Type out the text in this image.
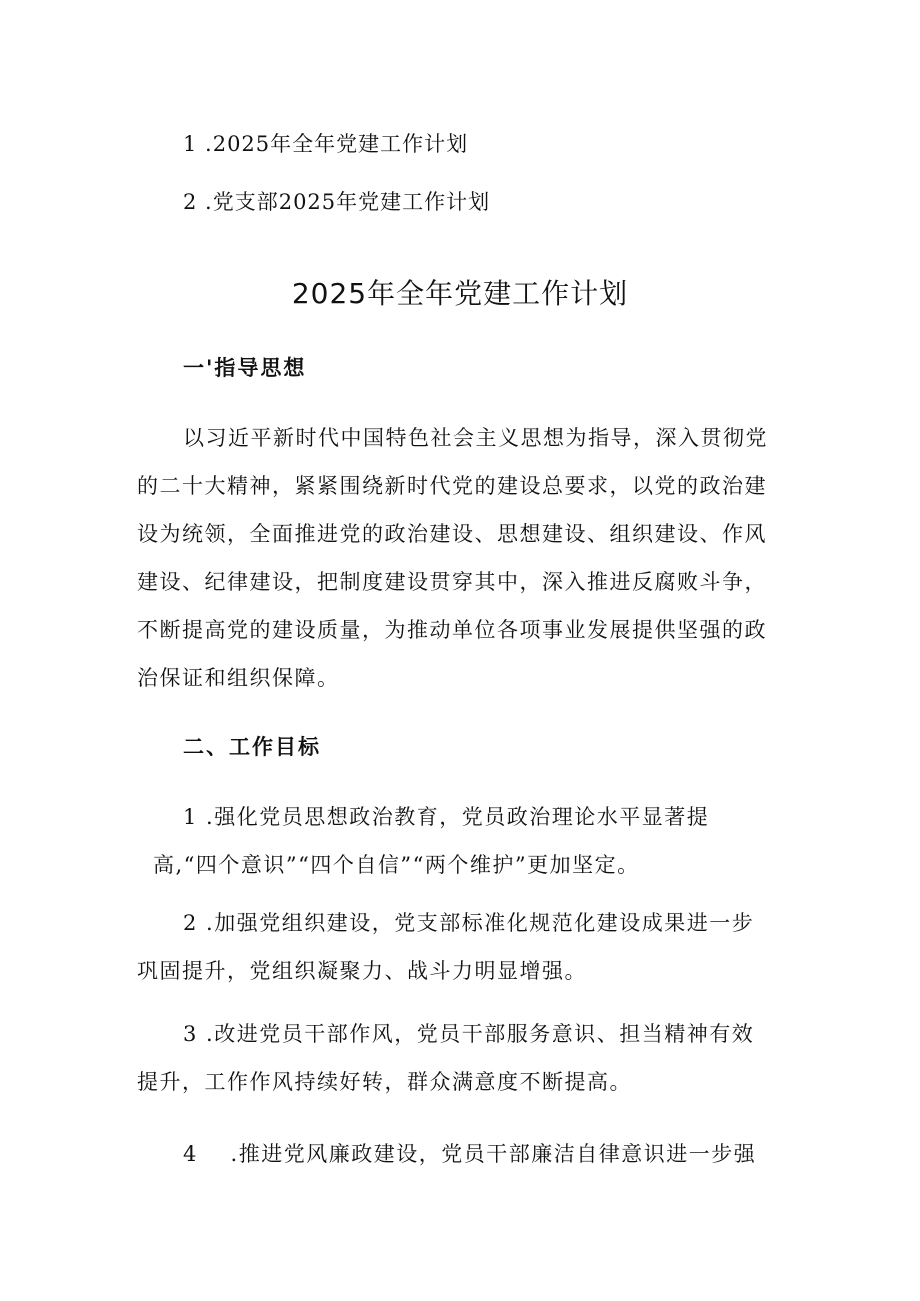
1 .2025年全年党建工作计划
2 .党支部2025年党建工作计划
2025年全年党建工作计划
一'指导思想
以习近平新时代中国特色社会主义思想为指导，深入贯彻党
的二十大精神，紧紧围绕新时代党的建设总要求，以党的政治建
设为统领，全面推进党的政治建设、思想建设、组织建设、作风
建设、纪律建设，把制度建设贯穿其中，深入推进反腐败斗争，
不断提高党的建设质量，为推动单位各项事业发展提供坚强的政
治保证和组织保障。
二、工作目标
1 .强化党员思想政治教育，党员政治理论水平显著提
高,“四个意识”“四个自信”“两个维护”更加坚定。
2 .加强党组织建设，党支部标准化规范化建设成果进一步
巩固提升，党组织凝聚力、战斗力明显增强。
3 .改进党员干部作风，党员干部服务意识、担当精神有效
提升，工作作风持续好转，群众满意度不断提高。
4    .推进党风廉政建设，党员干部廉洁自律意识进一步强
